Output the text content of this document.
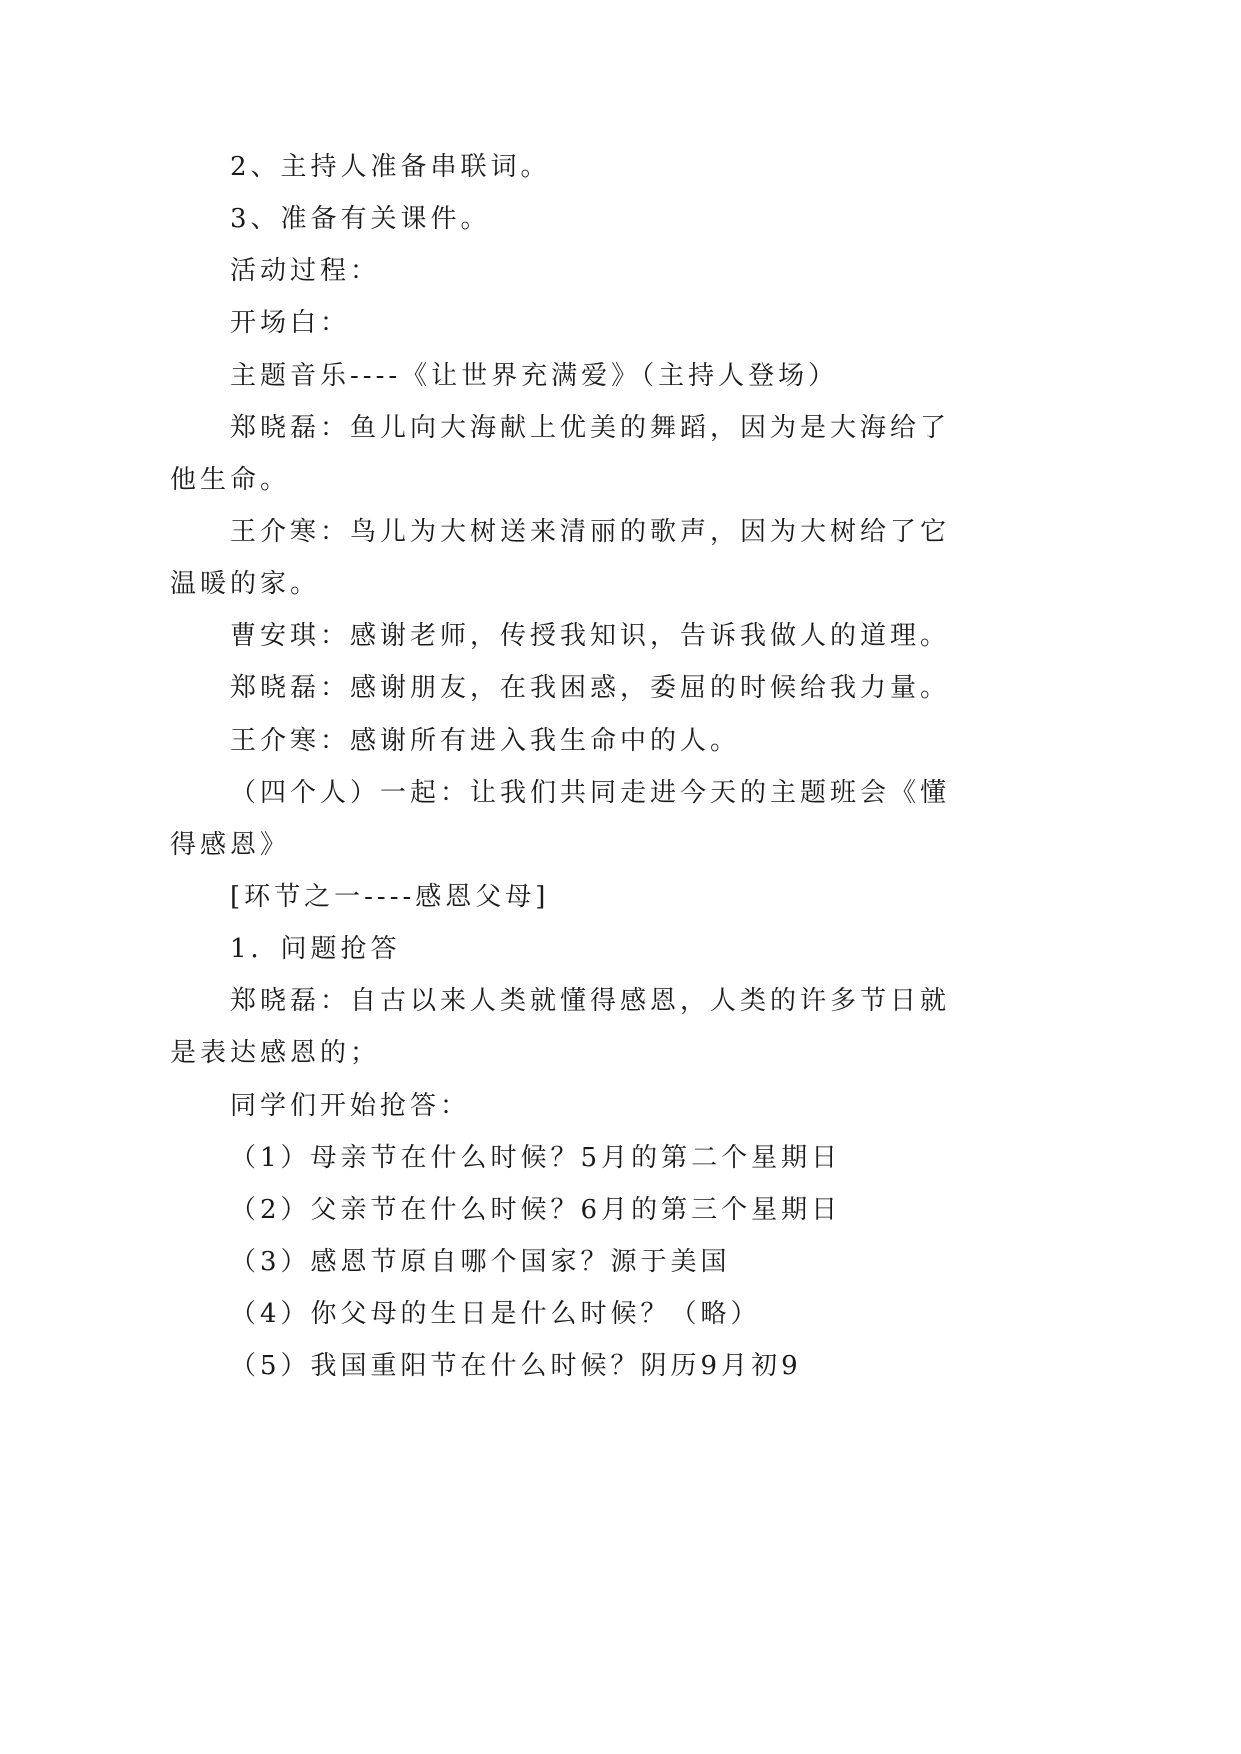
2、主持人准备串联词。
3、准备有关课件。
活动过程：
开场白：
主题音乐----《让世界充满爱》（主持人登场）
郑晓磊：鱼儿向大海献上优美的舞蹈，因为是大海给了
他生命。
王介寒：鸟儿为大树送来清丽的歌声，因为大树给了它
温暖的家。
曹安琪：感谢老师，传授我知识，告诉我做人的道理。
郑晓磊：感谢朋友，在我困惑，委屈的时候给我力量。
王介寒：感谢所有进入我生命中的人。
（四个人）一起：让我们共同走进今天的主题班会《懂
得感恩》
[环节之一----感恩父母]
1．问题抢答
郑晓磊：自古以来人类就懂得感恩，人类的许多节日就
是表达感恩的；
同学们开始抢答：
（1）母亲节在什么时候？5月的第二个星期日
（2）父亲节在什么时候？6月的第三个星期日
（3）感恩节原自哪个国家？源于美国
（4）你父母的生日是什么时候？（略）
（5）我国重阳节在什么时候？阴历9月初9
